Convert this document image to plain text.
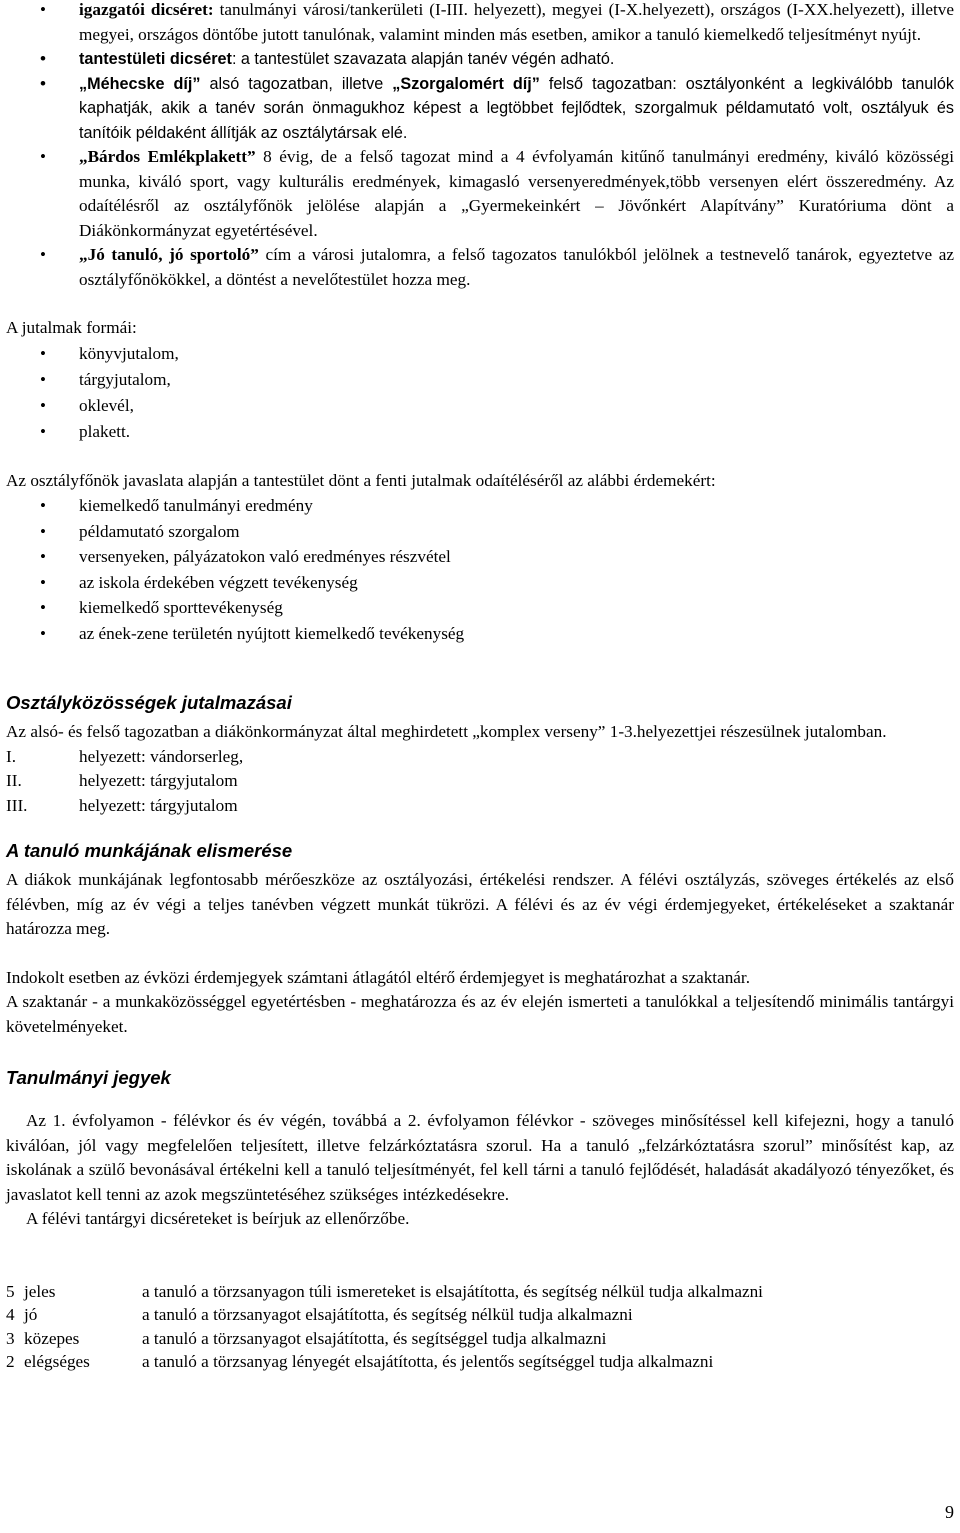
• igazgatói dicséret: tanulmányi városi/tankerületi (I-III. helyezett), megyei (I-X.helyezett), országos (I-XX.helyezett), illetve megyei, országos döntőbe jutott tanulónak, valamint minden más esetben, amikor a tanuló kiemelkedő teljesítményt nyújt.
• tantestületi dicséret: a tantestület szavazata alapján tanév végén adható.
• „Méhecske díj” alsó tagozatban, illetve „Szorgalomért díj” felső tagozatban: osztályonként a legkiválóbb tanulók kaphatják, akik a tanév során önmagukhoz képest a legtöbbet fejlődtek, szorgalmuk példamutató volt, osztályuk és tanítóik példaként állítják az osztálytársak elé.
• „Bárdos Emlékplakett” 8 évig, de a felső tagozat mind a 4 évfolyamán kitűnő tanulmányi eredmény, kiváló közösségi munka, kiváló sport, vagy kulturális eredmények, kimagasló versenyeredmények,több versenyen elért összeredmény. Az odaítélésről az osztályfőnök jelölése alapján a „Gyermekeinkért – Jövőnkért Alapítvány” Kuratóriuma dönt a Diákönkormányzat egyetértésével.
• „Jó tanuló, jó sportoló” cím a városi jutalomra, a felső tagozatos tanulókból jelölnek a testnevelő tanárok, egyeztetve az osztályfőnökökkel, a döntést a nevelőtestület hozza meg.

A jutalmak formái:

• könyvjutalom,
• tárgyjutalom,
• oklevél,
• plakett.

Az osztályfőnök javaslata alapján a tantestület dönt a fenti jutalmak odaítéléséről az alábbi érdemekért:

• kiemelkedő tanulmányi eredmény
• példamutató szorgalom
• versenyeken, pályázatokon való eredményes részvétel
• az iskola érdekében végzett tevékenység
• kiemelkedő sporttevékenység
• az ének-zene területén nyújtott kiemelkedő tevékenység
Osztályközösségek jutalmazásai

Az alsó- és felső tagozatban a diákönkormányzat által meghirdetett „komplex verseny” 1-3.helyezettjei részesülnek jutalomban.

I.	helyezett: vándorserleg,
II.	helyezett: tárgyjutalom
III.	helyezett: tárgyjutalom
A tanuló munkájának elismerése

A diákok munkájának legfontosabb mérőeszköze az osztályozási, értékelési rendszer. A félévi osztályzás, szöveges értékelés az első félévben, míg az év végi a teljes tanévben végzett munkát tükrözi. A félévi és az év végi érdemjegyeket, értékeléseket a szaktanár határozza meg.

Indokolt esetben az évközi érdemjegyek számtani átlagától eltérő érdemjegyet is meghatározhat a szaktanár.

A szaktanár - a munkaközösséggel egyetértésben - meghatározza és az év elején ismerteti a tanulókkal a teljesítendő minimális tantárgyi követelményeket.

Tanulmányi jegyek

Az 1. évfolyamon - félévkor és év végén, továbbá a 2. évfolyamon félévkor - szöveges minősítéssel kell kifejezni, hogy a tanuló kiválóan, jól vagy megfelelően teljesített, illetve felzárkóztatásra szorul. Ha a tanuló „felzárkóztatásra szorul” minősítést kap, az iskolának a szülő bevonásával értékelni kell a tanuló teljesítményét, fel kell tárni a tanuló fejlődését, haladását akadályozó tényezőket, és javaslatot kell tenni az azok megszüntetéséhez szükséges intézkedésekre.

A félévi tantárgyi dicséreteket is beírjuk az ellenőrzőbe.

5 jeles	a tanuló a törzsanyagon túli ismereteket is elsajátította, és segítség nélkül tudja alkalmazni
4 jó	a tanuló a törzsanyagot elsajátította, és segítség nélkül tudja alkalmazni
3 közepes	a tanuló a törzsanyagot elsajátította, és segítséggel tudja alkalmazni
2 elégséges	a tanuló a törzsanyag lényegét elsajátította, és jelentős segítséggel tudja alkalmazni
9
